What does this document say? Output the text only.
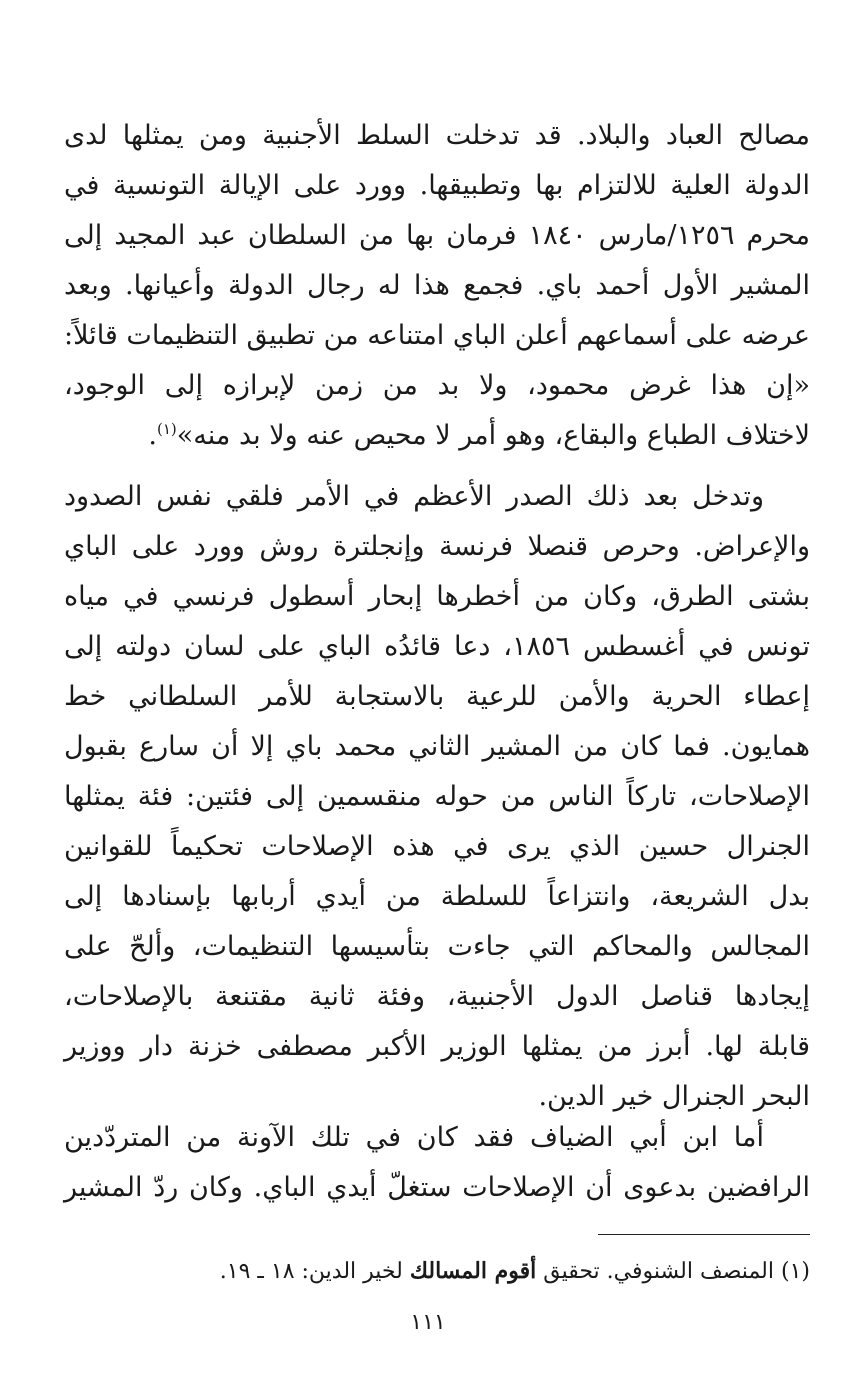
مصالح العباد والبلاد. قد تدخلت السلط الأجنبية ومن يمثلها لدى
الدولة العلية للالتزام بها وتطبيقها. وورد على الإيالة التونسية في
محرم ١٢٥٦/مارس ١٨٤٠ فرمان بها من السلطان عبد المجيد إلى
المشير الأول أحمد باي. فجمع هذا له رجال الدولة وأعيانها. وبعد
عرضه على أسماعهم أعلن الباي امتناعه من تطبيق التنظيمات قائلاً:
«إن هذا غرض محمود، ولا بد من زمن لإبرازه إلى الوجود،
لاختلاف الطباع والبقاع، وهو أمر لا محيص عنه ولا بد منه»$^{(١)}$.
وتدخل بعد ذلك الصدر الأعظم في الأمر فلقي نفس الصدود
والإعراض. وحرص قنصلا فرنسة وإنجلترة روش وورد على الباي
بشتى الطرق، وكان من أخطرها إبحار أسطول فرنسي في مياه
تونس في أغسطس ١٨٥٦، دعا قائدُه الباي على لسان دولته إلى
إعطاء الحرية والأمن للرعية بالاستجابة للأمر السلطاني خط
همايون. فما كان من المشير الثاني محمد باي إلا أن سارع بقبول
الإصلاحات، تاركاً الناس من حوله منقسمين إلى فئتين: فئة يمثلها
الجنرال حسين الذي يرى في هذه الإصلاحات تحكيماً للقوانين
بدل الشريعة، وانتزاعاً للسلطة من أيدي أربابها بإسنادها إلى
المجالس والمحاكم التي جاءت بتأسيسها التنظيمات، وألحّ على
إيجادها قناصل الدول الأجنبية، وفئة ثانية مقتنعة بالإصلاحات،
قابلة لها. أبرز من يمثلها الوزير الأكبر مصطفى خزنة دار ووزير
البحر الجنرال خير الدين.
أما ابن أبي الضياف فقد كان في تلك الآونة من المتردّدين
الرافضين بدعوى أن الإصلاحات ستغلّ أيدي الباي. وكان ردّ المشير
(١) المنصف الشنوفي. تحقيق أقوم المسالك لخير الدين: ١٨ ـ ١٩.
١١١
